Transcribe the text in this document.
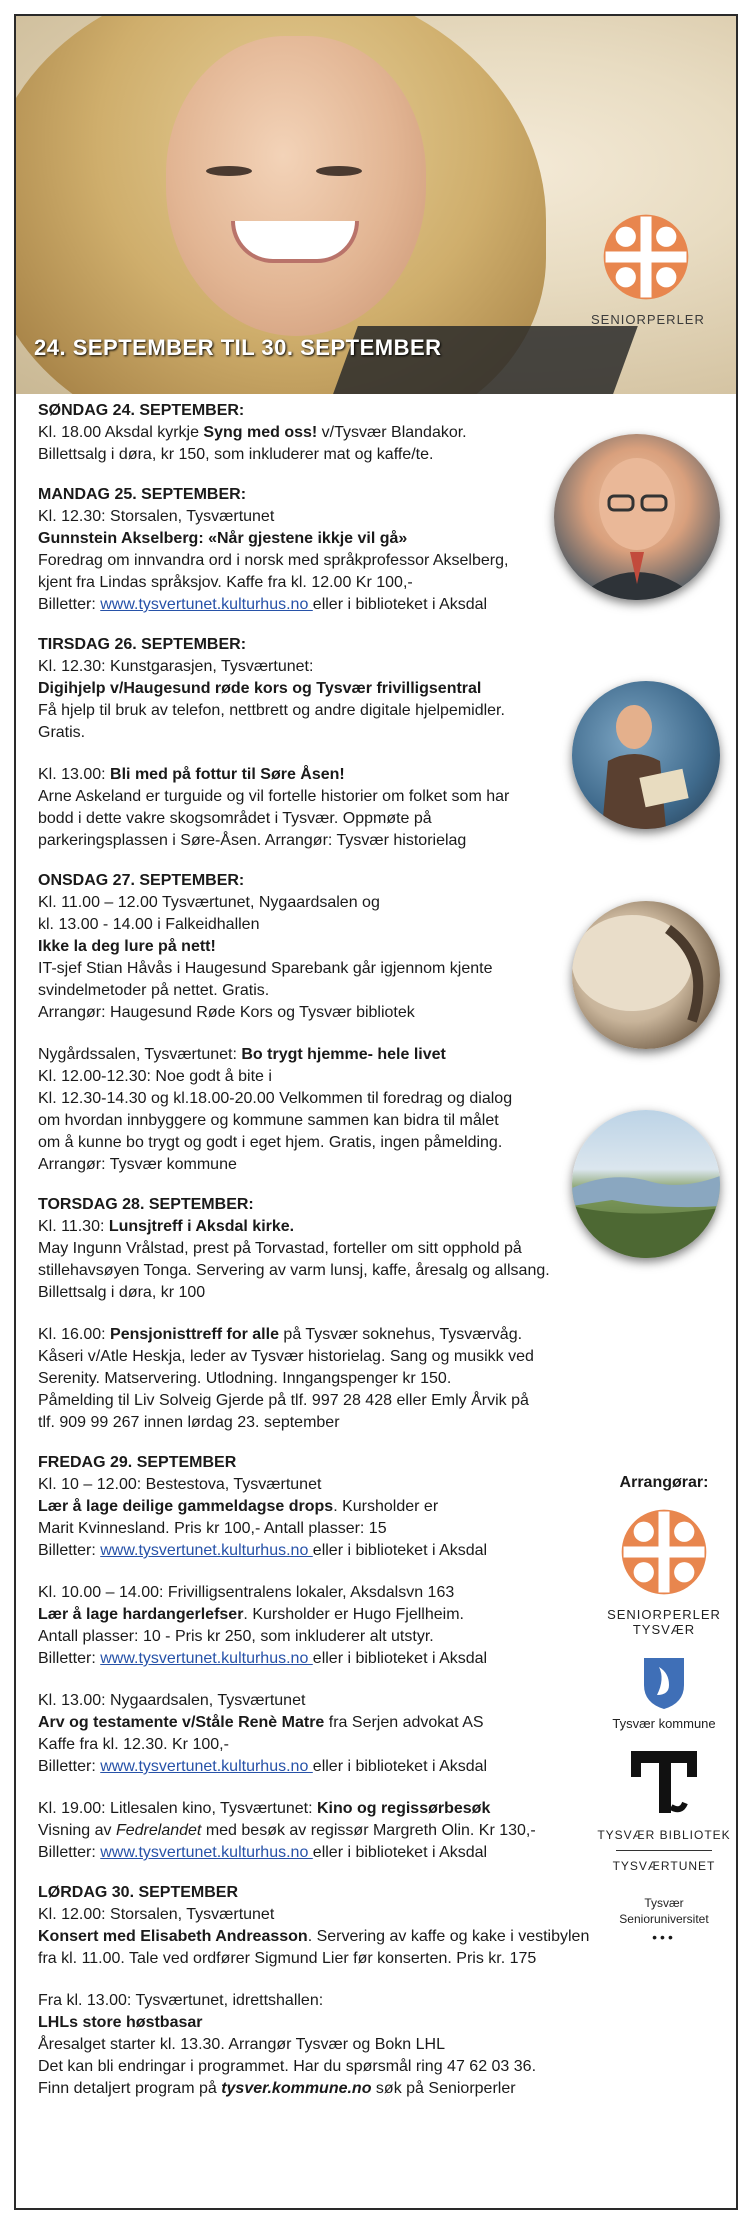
SENIORPERLER
24. SEPTEMBER TIL 30. SEPTEMBER
SØNDAG 24. SEPTEMBER:
Kl. 18.00 Aksdal kyrkje Syng med oss! v/Tysvær Blandakor.
Billettsalg i døra, kr 150, som inkluderer mat og kaffe/te.
MANDAG 25. SEPTEMBER:
Kl. 12.30: Storsalen, Tysværtunet
Gunnstein Akselberg: «Når gjestene ikkje vil gå»
Foredrag om innvandra ord i norsk med språkprofessor Akselberg,
kjent fra Lindas språksjov. Kaffe fra kl. 12.00 Kr 100,-
Billetter: www.tysvertunet.kulturhus.no eller i biblioteket i Aksdal
TIRSDAG 26. SEPTEMBER:
Kl. 12.30: Kunstgarasjen, Tysværtunet:
Digihjelp v/Haugesund røde kors og Tysvær frivilligsentral
Få hjelp til bruk av telefon, nettbrett og andre digitale hjelpemidler.
Gratis.
Kl. 13.00: Bli med på fottur til Søre Åsen!
Arne Askeland er turguide og vil fortelle historier om folket som har
bodd i dette vakre skogsområdet i Tysvær. Oppmøte på
parkeringsplassen i Søre-Åsen. Arrangør: Tysvær historielag
ONSDAG 27. SEPTEMBER:
Kl. 11.00 – 12.00 Tysværtunet, Nygaardsalen og
kl. 13.00 - 14.00 i Falkeidhallen
Ikke la deg lure på nett!
IT-sjef Stian Håvås i Haugesund Sparebank går igjennom kjente
svindelmetoder på nettet. Gratis.
Arrangør: Haugesund Røde Kors og Tysvær bibliotek
Nygårdssalen, Tysværtunet: Bo trygt hjemme- hele livet
Kl. 12.00-12.30: Noe godt å bite i
Kl. 12.30-14.30 og kl.18.00-20.00 Velkommen til foredrag og dialog
om hvordan innbyggere og kommune sammen kan bidra til målet
om å kunne bo trygt og godt i eget hjem. Gratis, ingen påmelding.
Arrangør: Tysvær kommune
TORSDAG 28. SEPTEMBER:
Kl. 11.30: Lunsjtreff i Aksdal kirke.
May Ingunn Vrålstad, prest på Torvastad, forteller om sitt opphold på
stillehavsøyen Tonga. Servering av varm lunsj, kaffe, åresalg og allsang.
Billettsalg i døra, kr 100
Kl. 16.00: Pensjonisttreff for alle på Tysvær soknehus, Tysværvåg.
Kåseri v/Atle Heskja, leder av Tysvær historielag. Sang og musikk ved
Serenity. Matservering. Utlodning. Inngangspenger kr 150.
Påmelding til Liv Solveig Gjerde på tlf. 997 28 428 eller Emly Årvik på
tlf. 909 99 267 innen lørdag 23. september
FREDAG 29. SEPTEMBER
Kl. 10 – 12.00: Bestestova, Tysværtunet
Lær å lage deilige gammeldagse drops. Kursholder er
Marit Kvinnesland. Pris kr 100,- Antall plasser: 15
Billetter: www.tysvertunet.kulturhus.no eller i biblioteket i Aksdal
Kl. 10.00 – 14.00: Frivilligsentralens lokaler, Aksdalsvn 163
Lær å lage hardangerlefser. Kursholder er Hugo Fjellheim.
Antall plasser: 10 - Pris kr 250, som inkluderer alt utstyr.
Billetter: www.tysvertunet.kulturhus.no eller i biblioteket i Aksdal
Kl. 13.00: Nygaardsalen, Tysværtunet
Arv og testamente v/Ståle Renè Matre fra Serjen advokat AS
Kaffe fra kl. 12.30. Kr 100,-
Billetter: www.tysvertunet.kulturhus.no eller i biblioteket i Aksdal
Kl. 19.00: Litlesalen kino, Tysværtunet: Kino og regissørbesøk
Visning av Fedrelandet med besøk av regissør Margreth Olin. Kr 130,-
Billetter: www.tysvertunet.kulturhus.no eller i biblioteket i Aksdal
LØRDAG 30. SEPTEMBER
Kl. 12.00: Storsalen, Tysværtunet
Konsert med Elisabeth Andreasson. Servering av kaffe og kake i vestibylen
fra kl. 11.00. Tale ved ordfører Sigmund Lier før konserten. Pris kr. 175
Fra kl. 13.00: Tysværtunet, idrettshallen:
LHLs store høstbasar
Åresalget starter kl. 13.30. Arrangør Tysvær og Bokn LHL
Det kan bli endringar i programmet. Har du spørsmål ring 47 62 03 36.
Finn detaljert program på tysver.kommune.no søk på Seniorperler
Arrangørar:
SENIORPERLER TYSVÆR
Tysvær kommune
TYSVÆR BIBLIOTEK
TYSVÆRTUNET
Tysvær Senioruniversitet
•••
